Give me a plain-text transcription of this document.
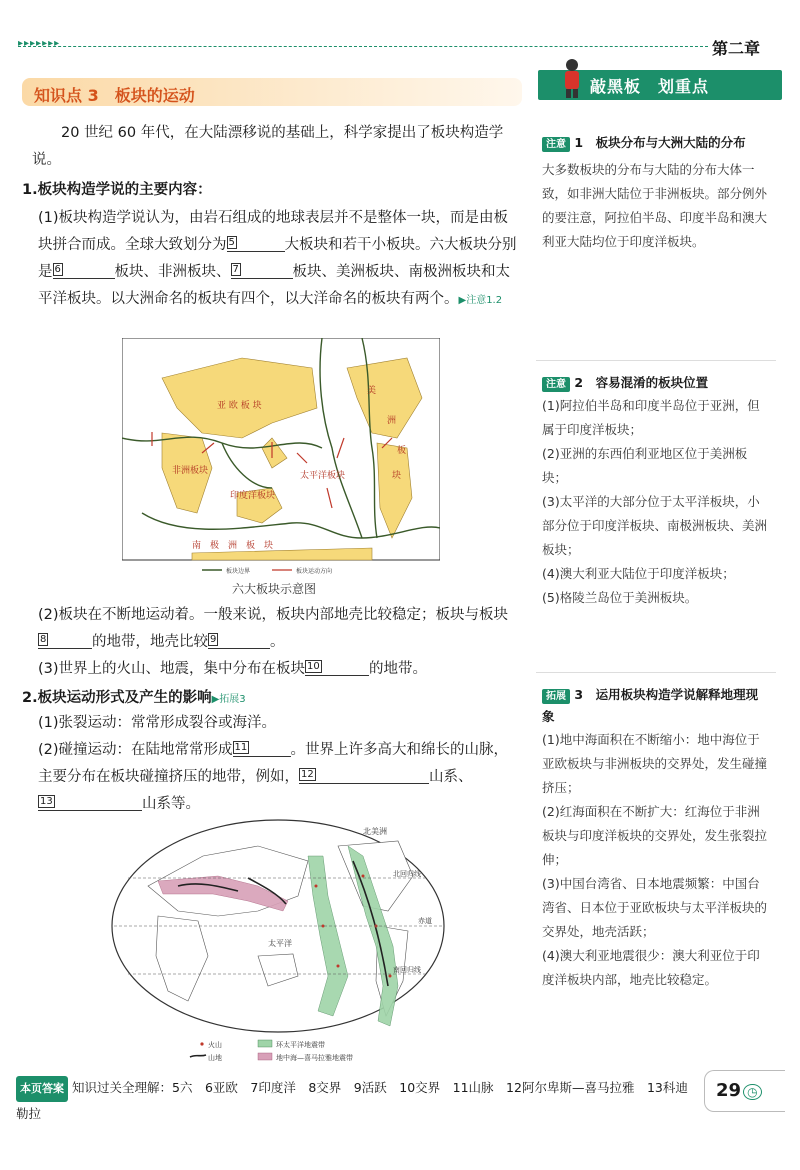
▸▸▸▸▸▸▸	第二章
知识点 3　板块的运动	敲黑板　划重点
20 世纪 60 年代，在大陆漂移说的基础上，科学家提出了板块构造学说。
1.板块构造学说的主要内容：
(1)板块构造学说认为，由岩石组成的地球表层并不是整体一块，而是由板块拼合而成。全球大致划分为 5	大板块和若干小板块。六大板块分别是 6	板块、非洲板块、 7	板块、美洲板块、南极洲板块和太平洋板块。以大洲命名的板块有四个，以大洋命名的板块有两个。▶注意1.2
亚 欧 板 块
非洲板块
印度洋板块
太平洋板块
南　极　洲　板　块
美
洲
板
块
板块边界	板块运动方向
六大板块示意图
(2)板块在不断地运动着。一般来说，板块内部地壳比较稳定；板块与板块
8	的地带，地壳比较 9	。
(3)世界上的火山、地震，集中分布在板块 10	的地带。
2.板块运动形式及产生的影响▶拓展3
(1)张裂运动：常常形成裂谷或海洋。
(2)碰撞运动：在陆地常常形成 11	。世界上许多高大和绵长的山脉，主要分布在板块碰撞挤压的地带，例如， 12	山系、
13	山系等。
北美洲
北回归线
赤道
太平洋
南回归线
火山	环太平洋地震带
山地	地中海—喜马拉雅地震带
注意 1　 板块分布与大洲大陆的分布
大多数板块的分布与大陆的分布大体一致，如非洲大陆位于非洲板块。部分例外的要注意，阿拉伯半岛、印度半岛和澳大利亚大陆均位于印度洋板块。
注意 2　 容易混淆的板块位置
(1)阿拉伯半岛和印度半岛位于亚洲，但属于印度洋板块；
(2)亚洲的东西伯利亚地区位于美洲板块；
(3)太平洋的大部分位于太平洋板块，小部分位于印度洋板块、南极洲板块、美洲板块；
(4)澳大利亚大陆位于印度洋板块；
(5)格陵兰岛位于美洲板块。
拓展 3　 运用板块构造学说解释地理现象
(1)地中海面积在不断缩小：地中海位于亚欧板块与非洲板块的交界处，发生碰撞挤压；
(2)红海面积在不断扩大：红海位于非洲板块与印度洋板块的交界处，发生张裂拉伸；
(3)中国台湾省、日本地震频繁：中国台湾省、日本位于亚欧板块与太平洋板块的交界处，地壳活跃；
(4)澳大利亚地震很少：澳大利亚位于印度洋板块内部，地壳比较稳定。
本页答案 知识过关全理解：5六　6亚欧　7印度洋　8交界　9活跃　10交界　11山脉　12阿尔卑斯—喜马拉雅　13科迪勒拉
29 ◷
